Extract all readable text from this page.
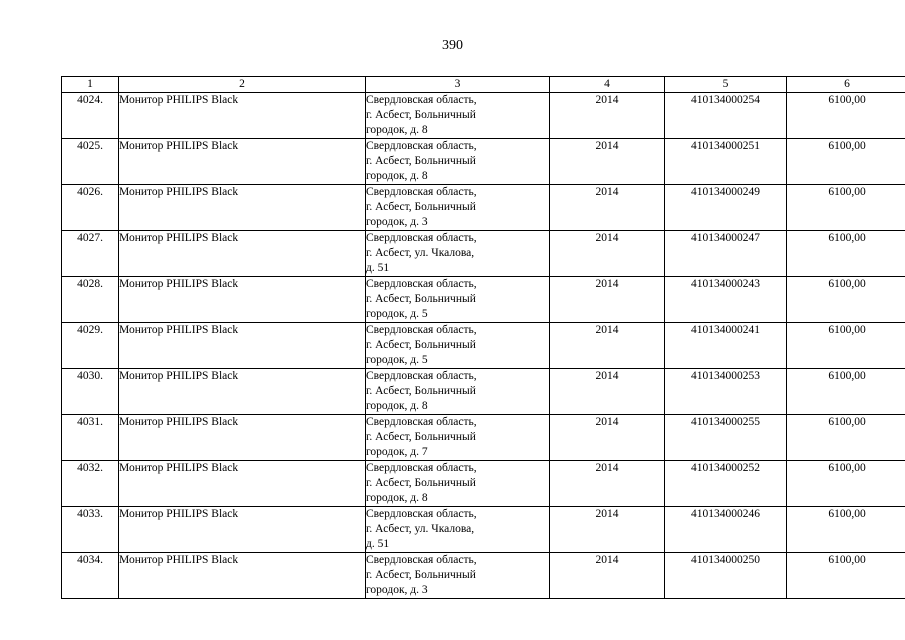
390
1	2	3	4	5	6
4024.	Монитор PHILIPS Black	Свердловская область,
г. Асбест, Больничный
городок, д. 8	2014	410134000254	6100,00
4025.	Монитор PHILIPS Black	Свердловская область,
г. Асбест, Больничный
городок, д. 8	2014	410134000251	6100,00
4026.	Монитор PHILIPS Black	Свердловская область,
г. Асбест, Больничный
городок, д. 3	2014	410134000249	6100,00
4027.	Монитор PHILIPS Black	Свердловская область,
г. Асбест, ул. Чкалова,
д. 51	2014	410134000247	6100,00
4028.	Монитор PHILIPS Black	Свердловская область,
г. Асбест, Больничный
городок, д. 5	2014	410134000243	6100,00
4029.	Монитор PHILIPS Black	Свердловская область,
г. Асбест, Больничный
городок, д. 5	2014	410134000241	6100,00
4030.	Монитор PHILIPS Black	Свердловская область,
г. Асбест, Больничный
городок, д. 8	2014	410134000253	6100,00
4031.	Монитор PHILIPS Black	Свердловская область,
г. Асбест, Больничный
городок, д. 7	2014	410134000255	6100,00
4032.	Монитор PHILIPS Black	Свердловская область,
г. Асбест, Больничный
городок, д. 8	2014	410134000252	6100,00
4033.	Монитор PHILIPS Black	Свердловская область,
г. Асбест, ул. Чкалова,
д. 51	2014	410134000246	6100,00
4034.	Монитор PHILIPS Black	Свердловская область,
г. Асбест, Больничный
городок, д. 3	2014	410134000250	6100,00
